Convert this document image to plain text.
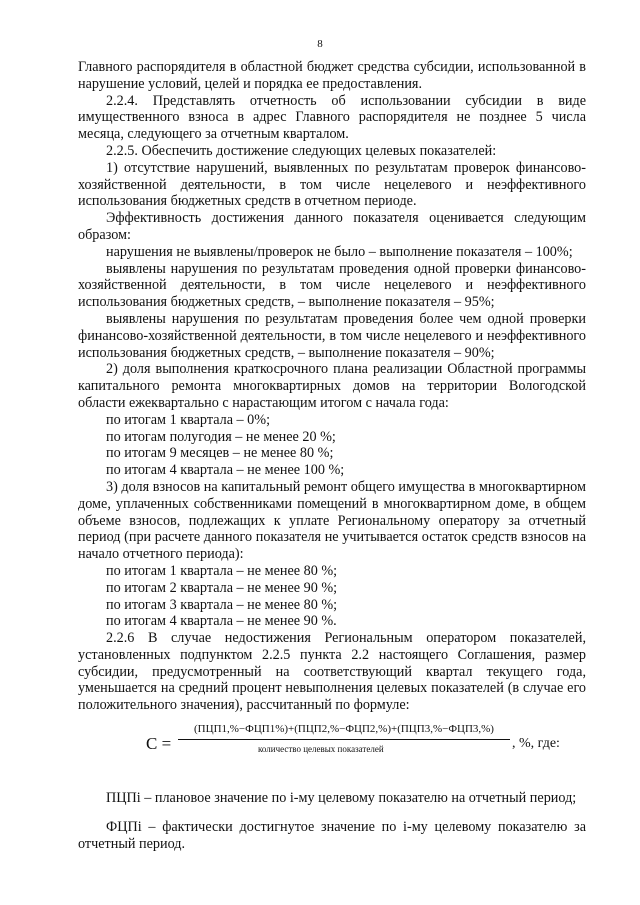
8

Главного распорядителя в областной бюджет средства субсидии, использованной в нарушение условий, целей и порядка ее предоставления.

2.2.4. Представлять отчетность об использовании субсидии в виде имущественного взноса в адрес Главного распорядителя не позднее 5 числа месяца, следующего за отчетным кварталом.

2.2.5. Обеспечить достижение следующих целевых показателей:

1) отсутствие нарушений, выявленных по результатам проверок финансово-хозяйственной деятельности, в том числе нецелевого и неэффективного использования бюджетных средств в отчетном периоде.

Эффективность достижения данного показателя оценивается следующим образом:

нарушения не выявлены/проверок не было – выполнение показателя – 100%;

выявлены нарушения по результатам проведения одной проверки финансово-хозяйственной деятельности, в том числе нецелевого и неэффективного использования бюджетных средств, – выполнение показателя – 95%;

выявлены нарушения по результатам проведения более чем одной проверки финансово-хозяйственной деятельности, в том числе нецелевого и неэффективного использования бюджетных средств, – выполнение показателя – 90%;

2) доля выполнения краткосрочного плана реализации Областной программы капитального ремонта многоквартирных домов на территории Вологодской области ежеквартально с нарастающим итогом с начала года:

по итогам 1 квартала – 0%;

по итогам полугодия – не менее 20 %;

по итогам 9 месяцев – не менее 80 %;

по итогам 4 квартала – не менее 100 %;

3) доля взносов на капитальный ремонт общего имущества в многоквартирном доме, уплаченных собственниками помещений в многоквартирном доме, в общем объеме взносов, подлежащих к уплате Региональному оператору за отчетный период (при расчете данного показателя не учитывается остаток средств взносов на начало отчетного периода):

по итогам 1 квартала – не менее 80 %;

по итогам 2 квартала – не менее 90 %;

по итогам 3 квартала – не менее 80 %;

по итогам 4 квартала – не менее 90 %.

2.2.6 В случае недостижения Региональным оператором показателей, установленных подпунктом 2.2.5 пункта 2.2 настоящего Соглашения, размер субсидии, предусмотренный на соответствующий квартал текущего года, уменьшается на средний процент невыполнения целевых показателей (в случае его положительного значения), рассчитанный по формуле:

С =
(ПЦП1,%−ФЦП1%)+(ПЦП2,%−ФЦП2,%)+(ПЦП3,%−ФЦП3,%)
количество целевых показателей	, %, где:

ПЦПi – плановое значение по i-му целевому показателю на отчетный период;

ФЦПi – фактически достигнутое значение по i-му целевому показателю за отчетный период.
